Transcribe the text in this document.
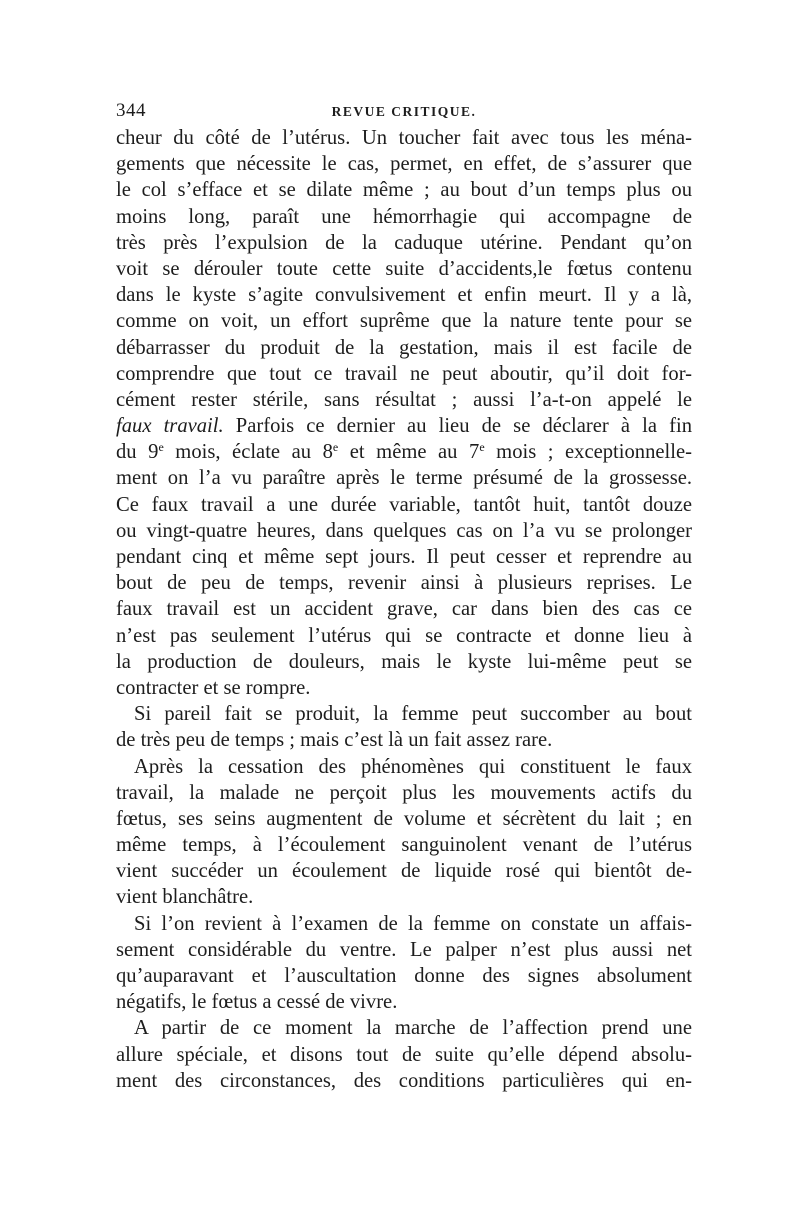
344	REVUE CRITIQUE.
cheur du côté de l’utérus. Un toucher fait avec tous les ména-
gements que nécessite le cas, permet, en effet, de s’assurer que
le col s’efface et se dilate même ; au bout d’un temps plus ou
moins long, paraît une hémorrhagie qui accompagne de
très près l’expulsion de la caduque utérine. Pendant qu’on
voit se dérouler toute cette suite d’accidents,le fœtus contenu
dans le kyste s’agite convulsivement et enfin meurt. Il y a là,
comme on voit, un effort suprême que la nature tente pour se
débarrasser du produit de la gestation, mais il est facile de
comprendre que tout ce travail ne peut aboutir, qu’il doit for-
cément rester stérile, sans résultat ; aussi l’a-t-on appelé le
faux travail. Parfois ce dernier au lieu de se déclarer à la fin
du 9e mois, éclate au 8e et même au 7e mois ; exceptionnelle-
ment on l’a vu paraître après le terme présumé de la grossesse.
Ce faux travail a une durée variable, tantôt huit, tantôt douze
ou vingt-quatre heures, dans quelques cas on l’a vu se prolonger
pendant cinq et même sept jours. Il peut cesser et reprendre au
bout de peu de temps, revenir ainsi à plusieurs reprises. Le
faux travail est un accident grave, car dans bien des cas ce
n’est pas seulement l’utérus qui se contracte et donne lieu à
la production de douleurs, mais le kyste lui-même peut se
contracter et se rompre.
Si pareil fait se produit, la femme peut succomber au bout
de très peu de temps ; mais c’est là un fait assez rare.
Après la cessation des phénomènes qui constituent le faux
travail, la malade ne perçoit plus les mouvements actifs du
fœtus, ses seins augmentent de volume et sécrètent du lait ; en
même temps, à l’écoulement sanguinolent venant de l’utérus
vient succéder un écoulement de liquide rosé qui bientôt de-
vient blanchâtre.
Si l’on revient à l’examen de la femme on constate un affais-
sement considérable du ventre. Le palper n’est plus aussi net
qu’auparavant et l’auscultation donne des signes absolument
négatifs, le fœtus a cessé de vivre.
A partir de ce moment la marche de l’affection prend une
allure spéciale, et disons tout de suite qu’elle dépend absolu-
ment des circonstances, des conditions particulières qui en-
